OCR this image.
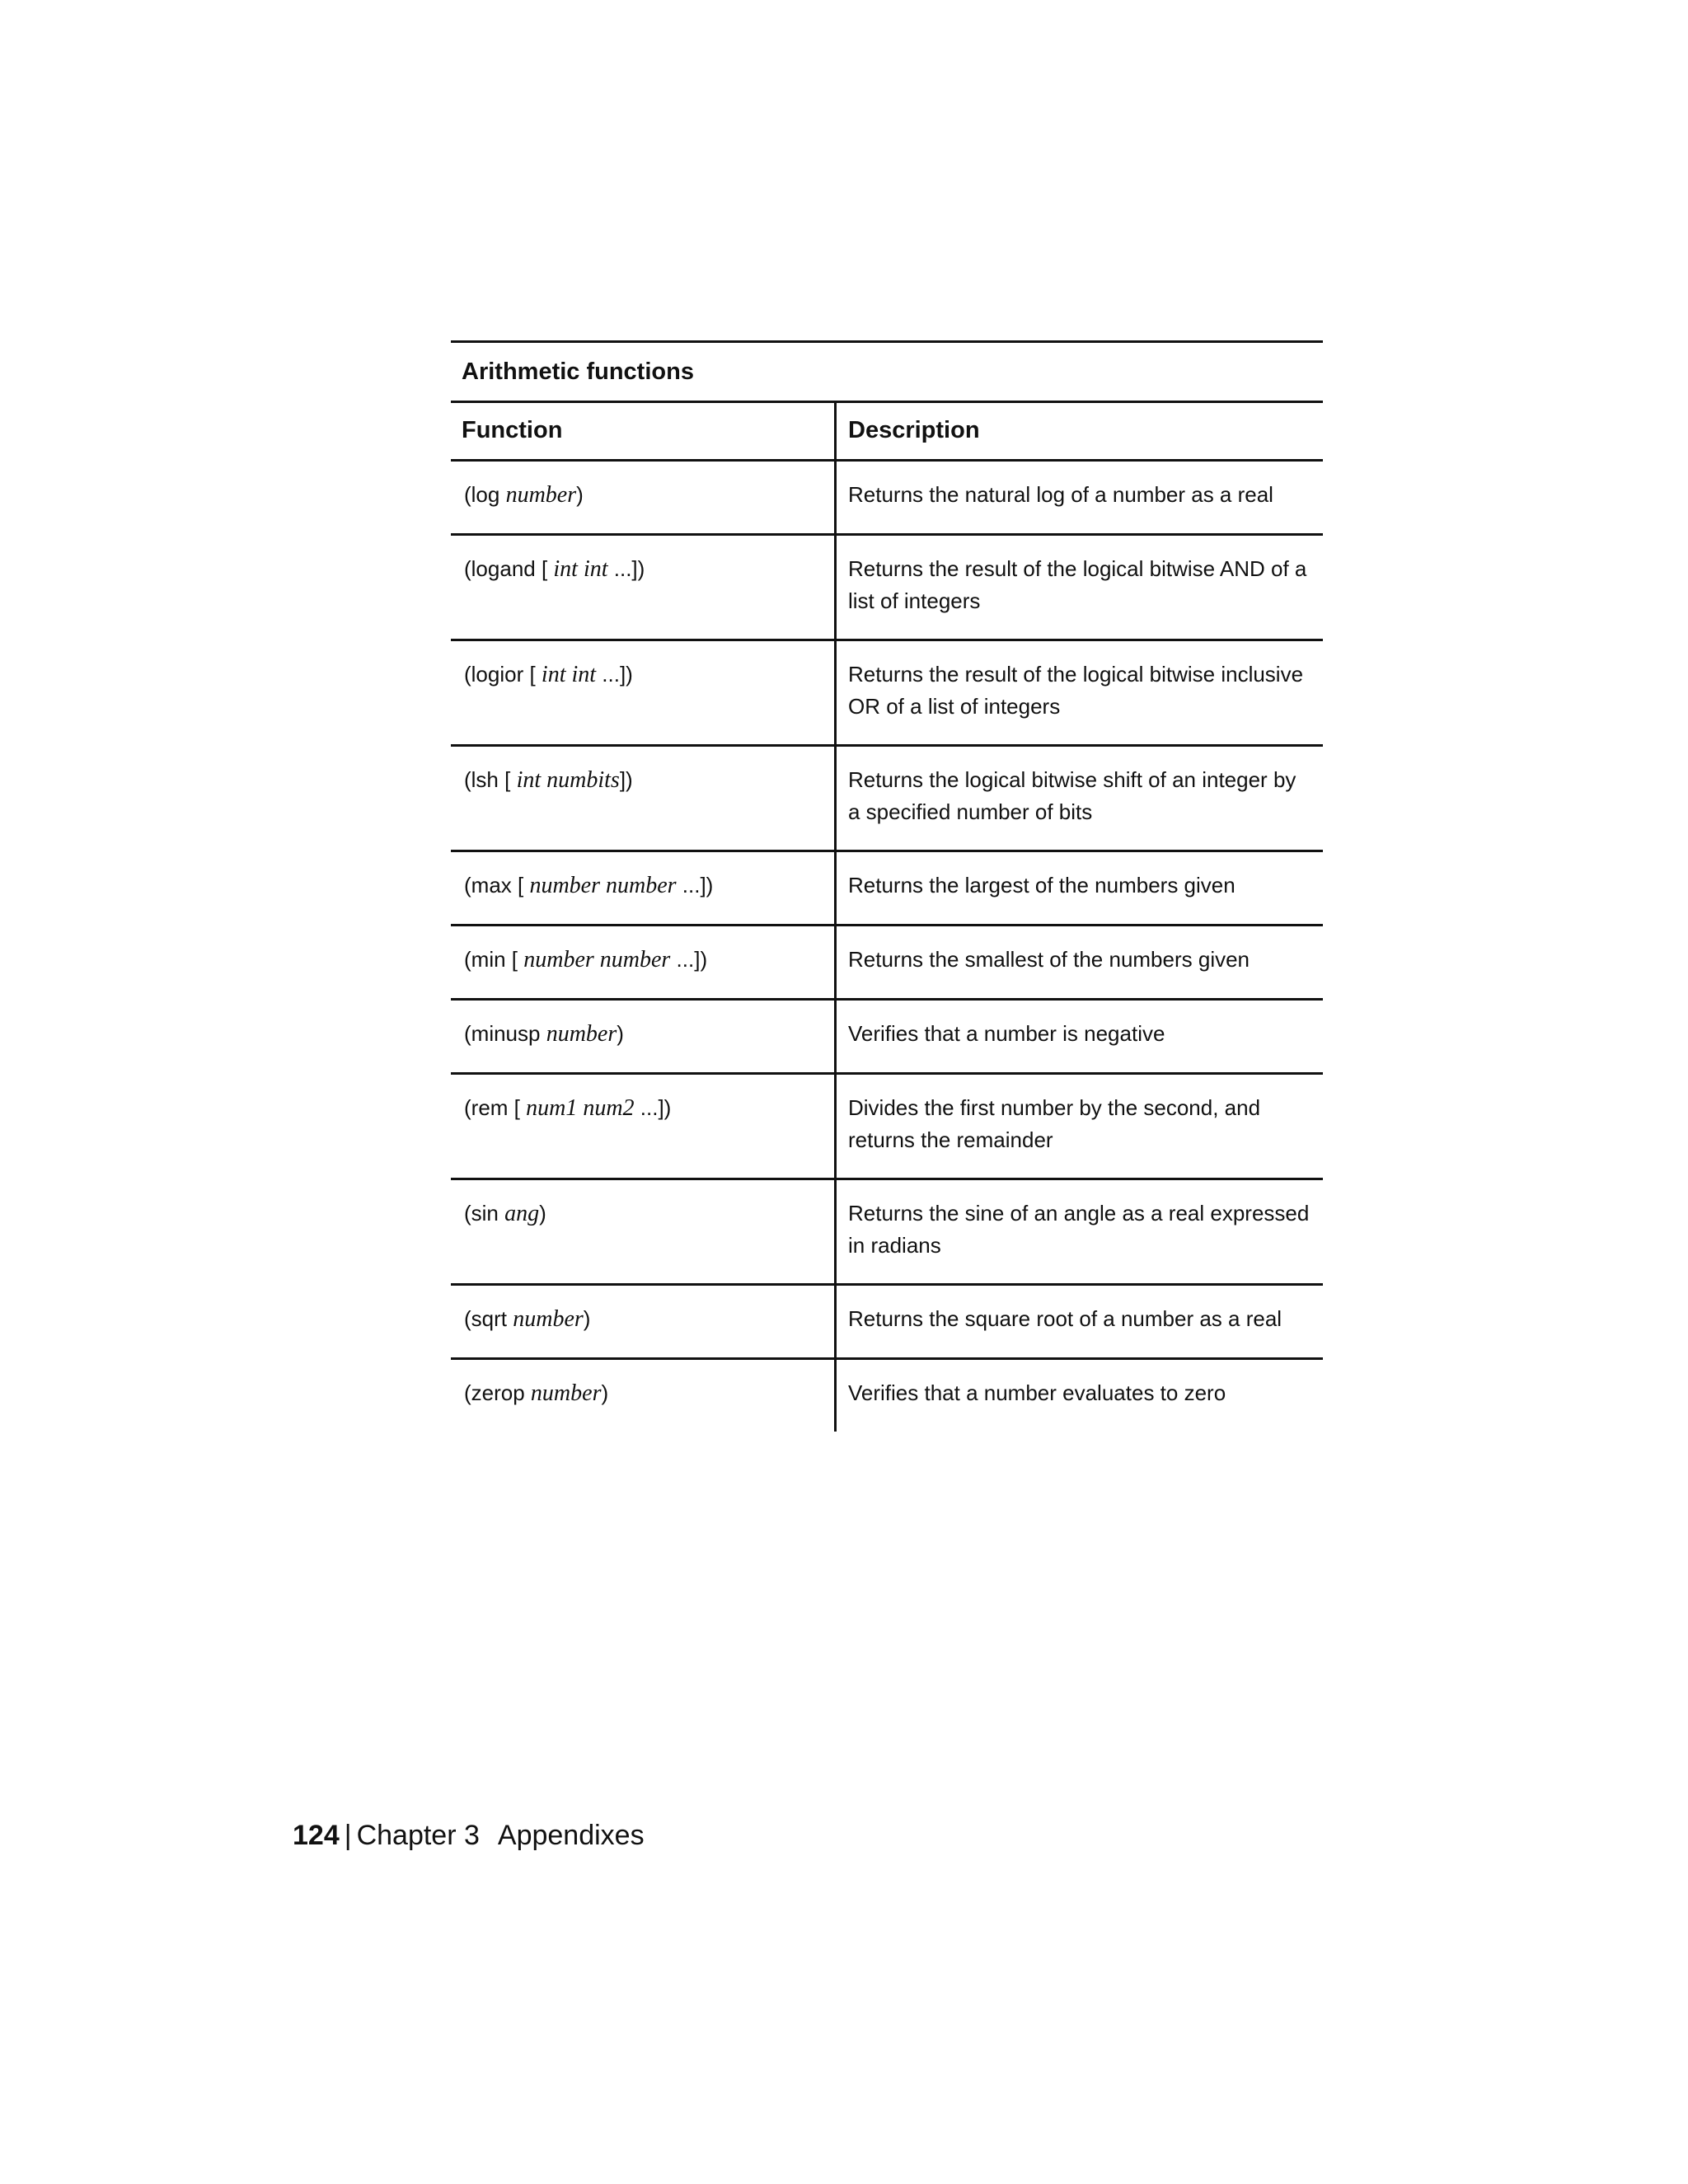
Arithmetic functions
Function	Description
(log number)	Returns the natural log of a number as a real
(logand [ int int ...])	Returns the result of the logical bitwise AND of a list of integers
(logior [ int int ...])	Returns the result of the logical bitwise inclusive OR of a list of integers
(lsh [ int numbits])	Returns the logical bitwise shift of an integer by a specified number of bits
(max [ number number ...])	Returns the largest of the numbers given
(min [ number number ...])	Returns the smallest of the numbers given
(minusp number)	Verifies that a number is negative
(rem [ num1 num2 ...])	Divides the first number by the second, and returns the remainder
(sin ang)	Returns the sine of an angle as a real expressed in radians
(sqrt number)	Returns the square root of a number as a real
(zerop number)	Verifies that a number evaluates to zero
124 | Chapter 3 Appendixes
